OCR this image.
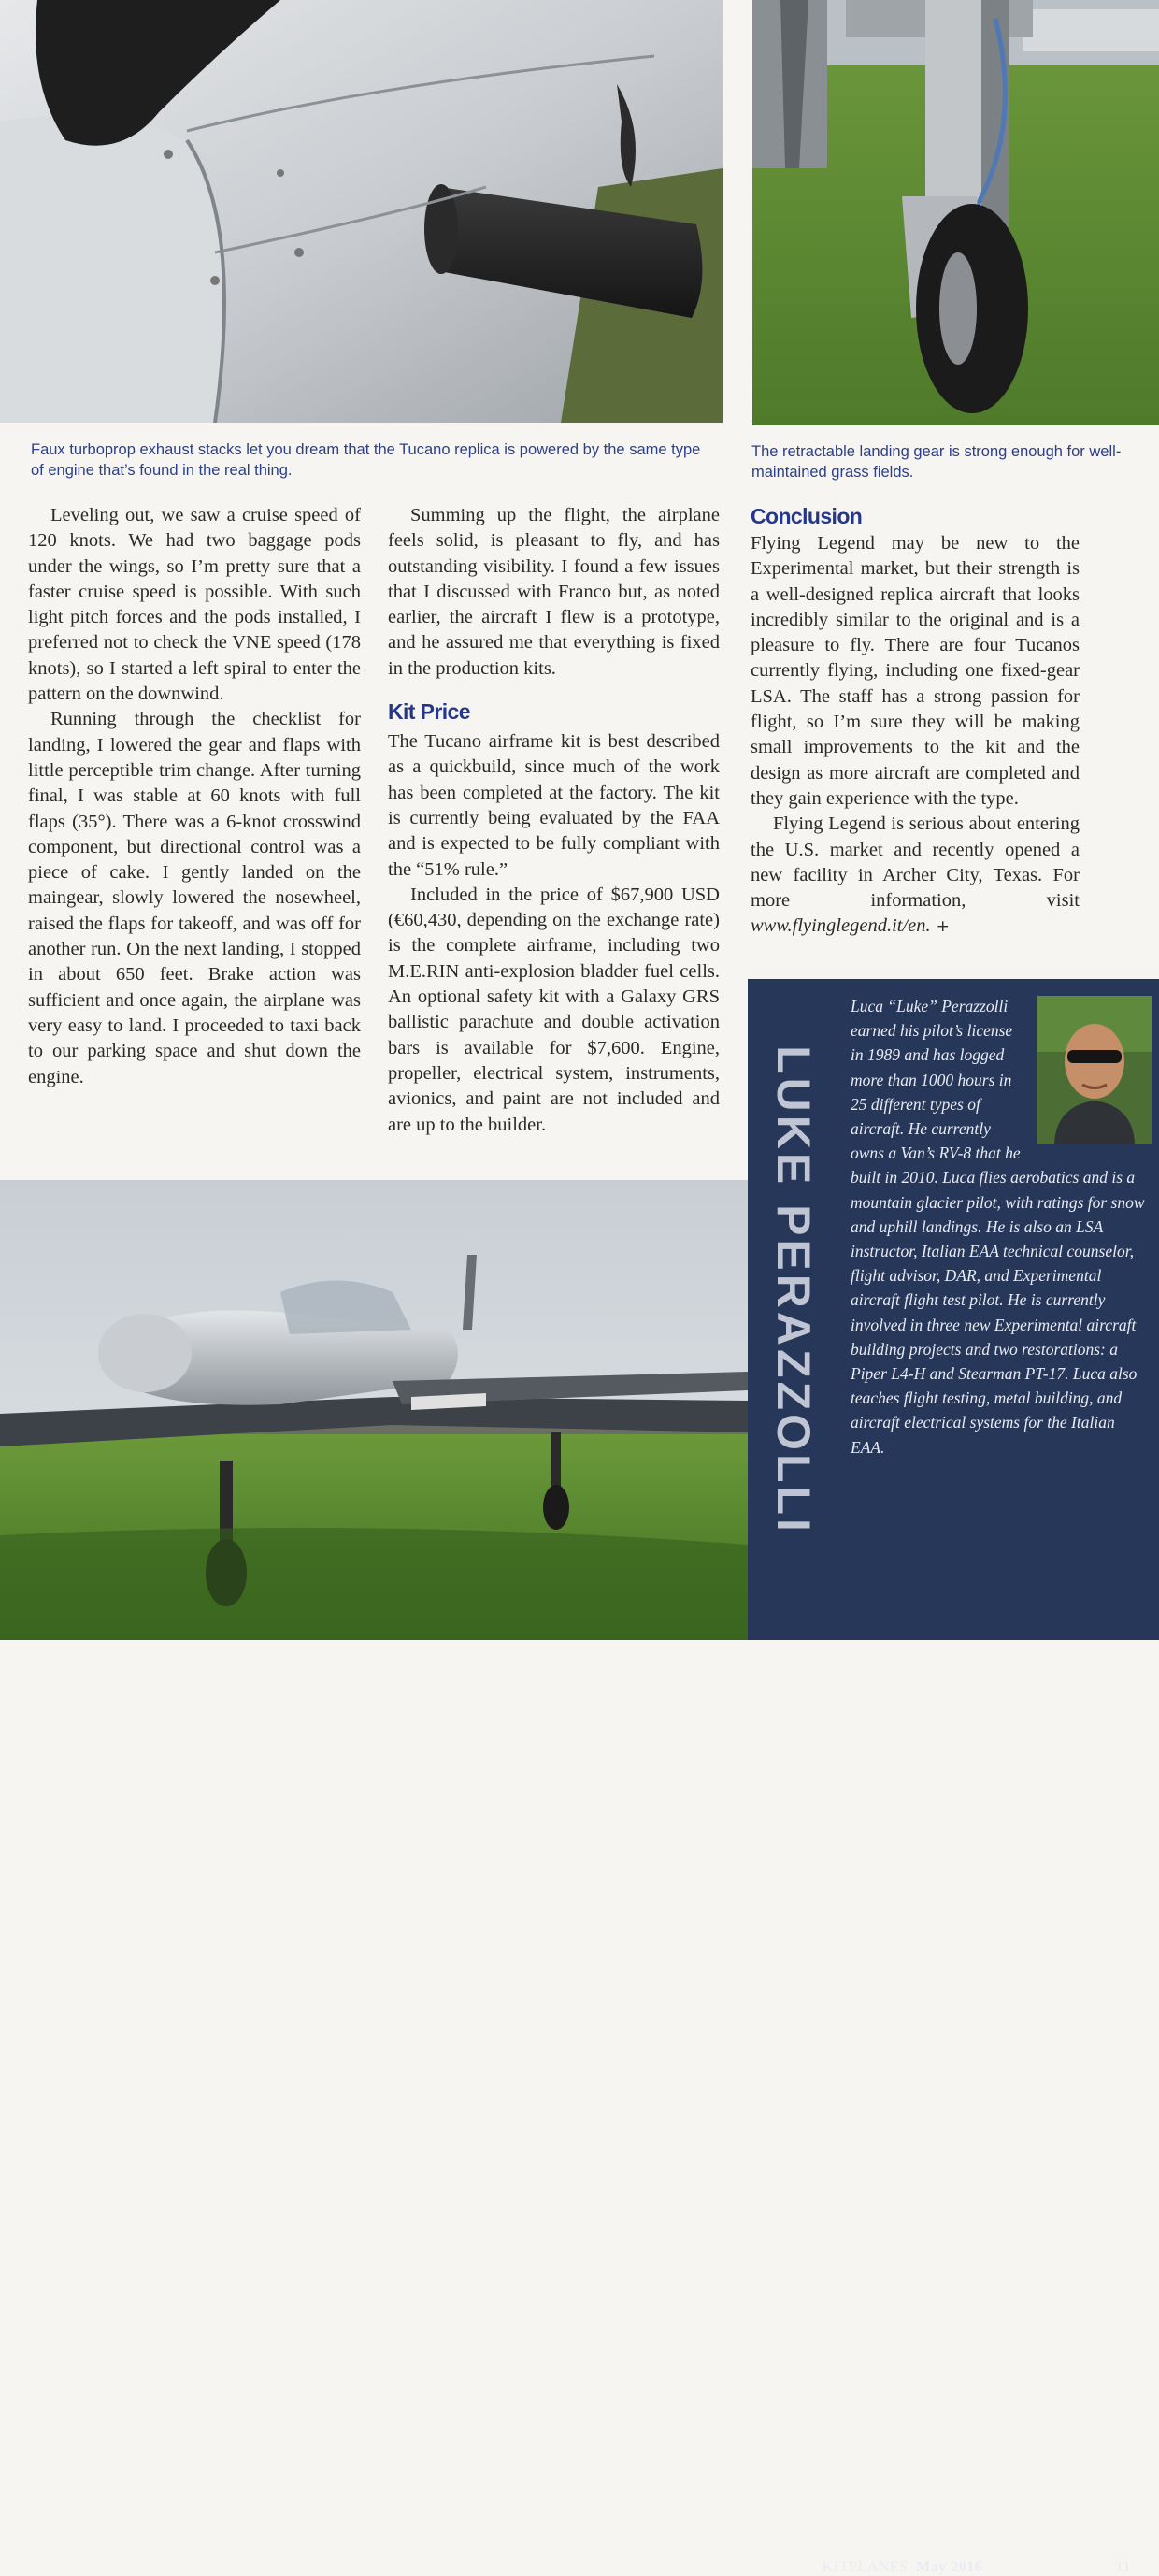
Faux turboprop exhaust stacks let you dream that the Tucano replica is powered by the same type of engine that’s found in the real thing.
The retractable landing gear is strong enough for well-maintained grass fields.

Leveling out, we saw a cruise speed of 120 knots. We had two baggage pods under the wings, so I’m pretty sure that a faster cruise speed is possible. With such light pitch forces and the pods installed, I preferred not to check the VNE speed (178 knots), so I started a left spiral to enter the pattern on the downwind.

Running through the checklist for landing, I lowered the gear and flaps with little perceptible trim change. After turning final, I was stable at 60 knots with full flaps (35°). There was a 6-knot crosswind component, but directional control was a piece of cake. I gently landed on the maingear, slowly lowered the nosewheel, raised the flaps for takeoff, and was off for another run. On the next landing, I stopped in about 650 feet. Brake action was sufficient and once again, the airplane was very easy to land. I proceeded to taxi back to our parking space and shut down the engine.

Summing up the flight, the airplane feels solid, is pleasant to fly, and has outstanding visibility. I found a few issues that I discussed with Franco but, as noted earlier, the aircraft I flew is a prototype, and he assured me that everything is fixed in the production kits.

Kit Price

The Tucano airframe kit is best described as a quickbuild, since much of the work has been completed at the factory. The kit is currently being evaluated by the FAA and is expected to be fully compliant with the “51% rule.”

Included in the price of $67,900 USD (€60,430, depending on the exchange rate) is the complete airframe, including two M.E.RIN anti-explosion bladder fuel cells. An optional safety kit with a Galaxy GRS ballistic parachute and double activation bars is available for $7,600. Engine, propeller, electrical system, instruments, avionics, and paint are not included and are up to the builder.

Conclusion

Flying Legend may be new to the Experimental market, but their strength is a well-designed replica aircraft that looks incredibly similar to the original and is a pleasure to fly. There are four Tucanos currently flying, including one fixed-gear LSA. The staff has a strong passion for flight, so I’m sure they will be making small improvements to the kit and the design as more aircraft are completed and they gain experience with the type.

Flying Legend is serious about entering the U.S. market and recently opened a new facility in Archer City, Texas. For more information, visit www.flyinglegend.it/en. +

LUKE PERAZZOLLI

Luca “Luke” Perazzolli earned his pilot’s license in 1989 and has logged more than 1000 hours in 25 different types of aircraft. He currently owns a Van’s RV-8 that he built in 2010. Luca flies aerobatics and is a mountain glacier pilot, with ratings for snow and uphill landings. He is also an LSA instructor, Italian EAA technical counselor, flight advisor, DAR, and Experimental aircraft flight test pilot. He is currently involved in three new Experimental aircraft building projects and two restorations: a Piper L4-H and Stearman PT-17. Luca also teaches flight testing, metal building, and aircraft electrical systems for the Italian EAA.

KITPLANES May 2016	11
